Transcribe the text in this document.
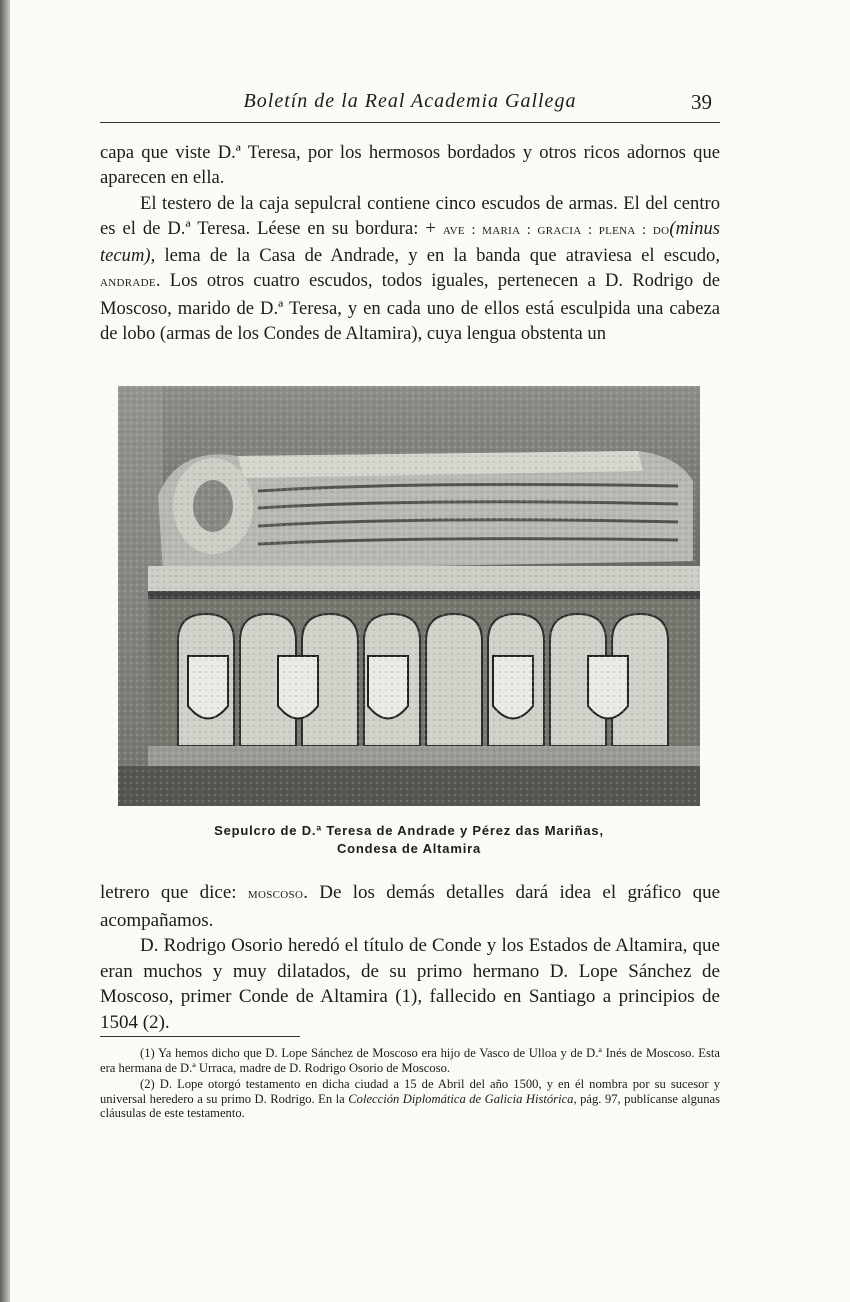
Boletín de la Real Academia Gallega	39

capa que viste D.ª Teresa, por los hermosos bordados y otros ricos adornos que aparecen en ella.

El testero de la caja sepulcral contiene cinco escudos de armas. El del centro es el de D.ª Teresa. Léese en su bordura: + ave : maria : gracia : plena : do(minus tecum), lema de la Casa de Andrade, y en la banda que atraviesa el escudo, andrade. Los otros cuatro escudos, todos iguales, pertenecen a D. Rodrigo de Moscoso, marido de D.ª Teresa, y en cada uno de ellos está esculpida una cabeza de lobo (armas de los Condes de Altamira), cuya lengua obstenta un

Sepulcro de D.ª Teresa de Andrade y Pérez das Mariñas,
Condesa de Altamira

letrero que dice: moscoso. De los demás detalles dará idea el gráfico que acompañamos.

D. Rodrigo Osorio heredó el título de Conde y los Estados de Altamira, que eran muchos y muy dilatados, de su primo hermano D. Lope Sánchez de Moscoso, primer Conde de Altamira (1), fallecido en Santiago a principios de 1504 (2).

(1) Ya hemos dicho que D. Lope Sánchez de Moscoso era hijo de Vasco de Ulloa y de D.ª Inés de Moscoso. Esta era hermana de D.ª Urraca, madre de D. Rodrigo Osorio de Moscoso.

(2) D. Lope otorgó testamento en dicha ciudad a 15 de Abril del año 1500, y en él nombra por su sucesor y universal heredero a su primo D. Rodrigo. En la Colección Diplomática de Galicia Histórica, pág. 97, publícanse algunas cláusulas de este testamento.
